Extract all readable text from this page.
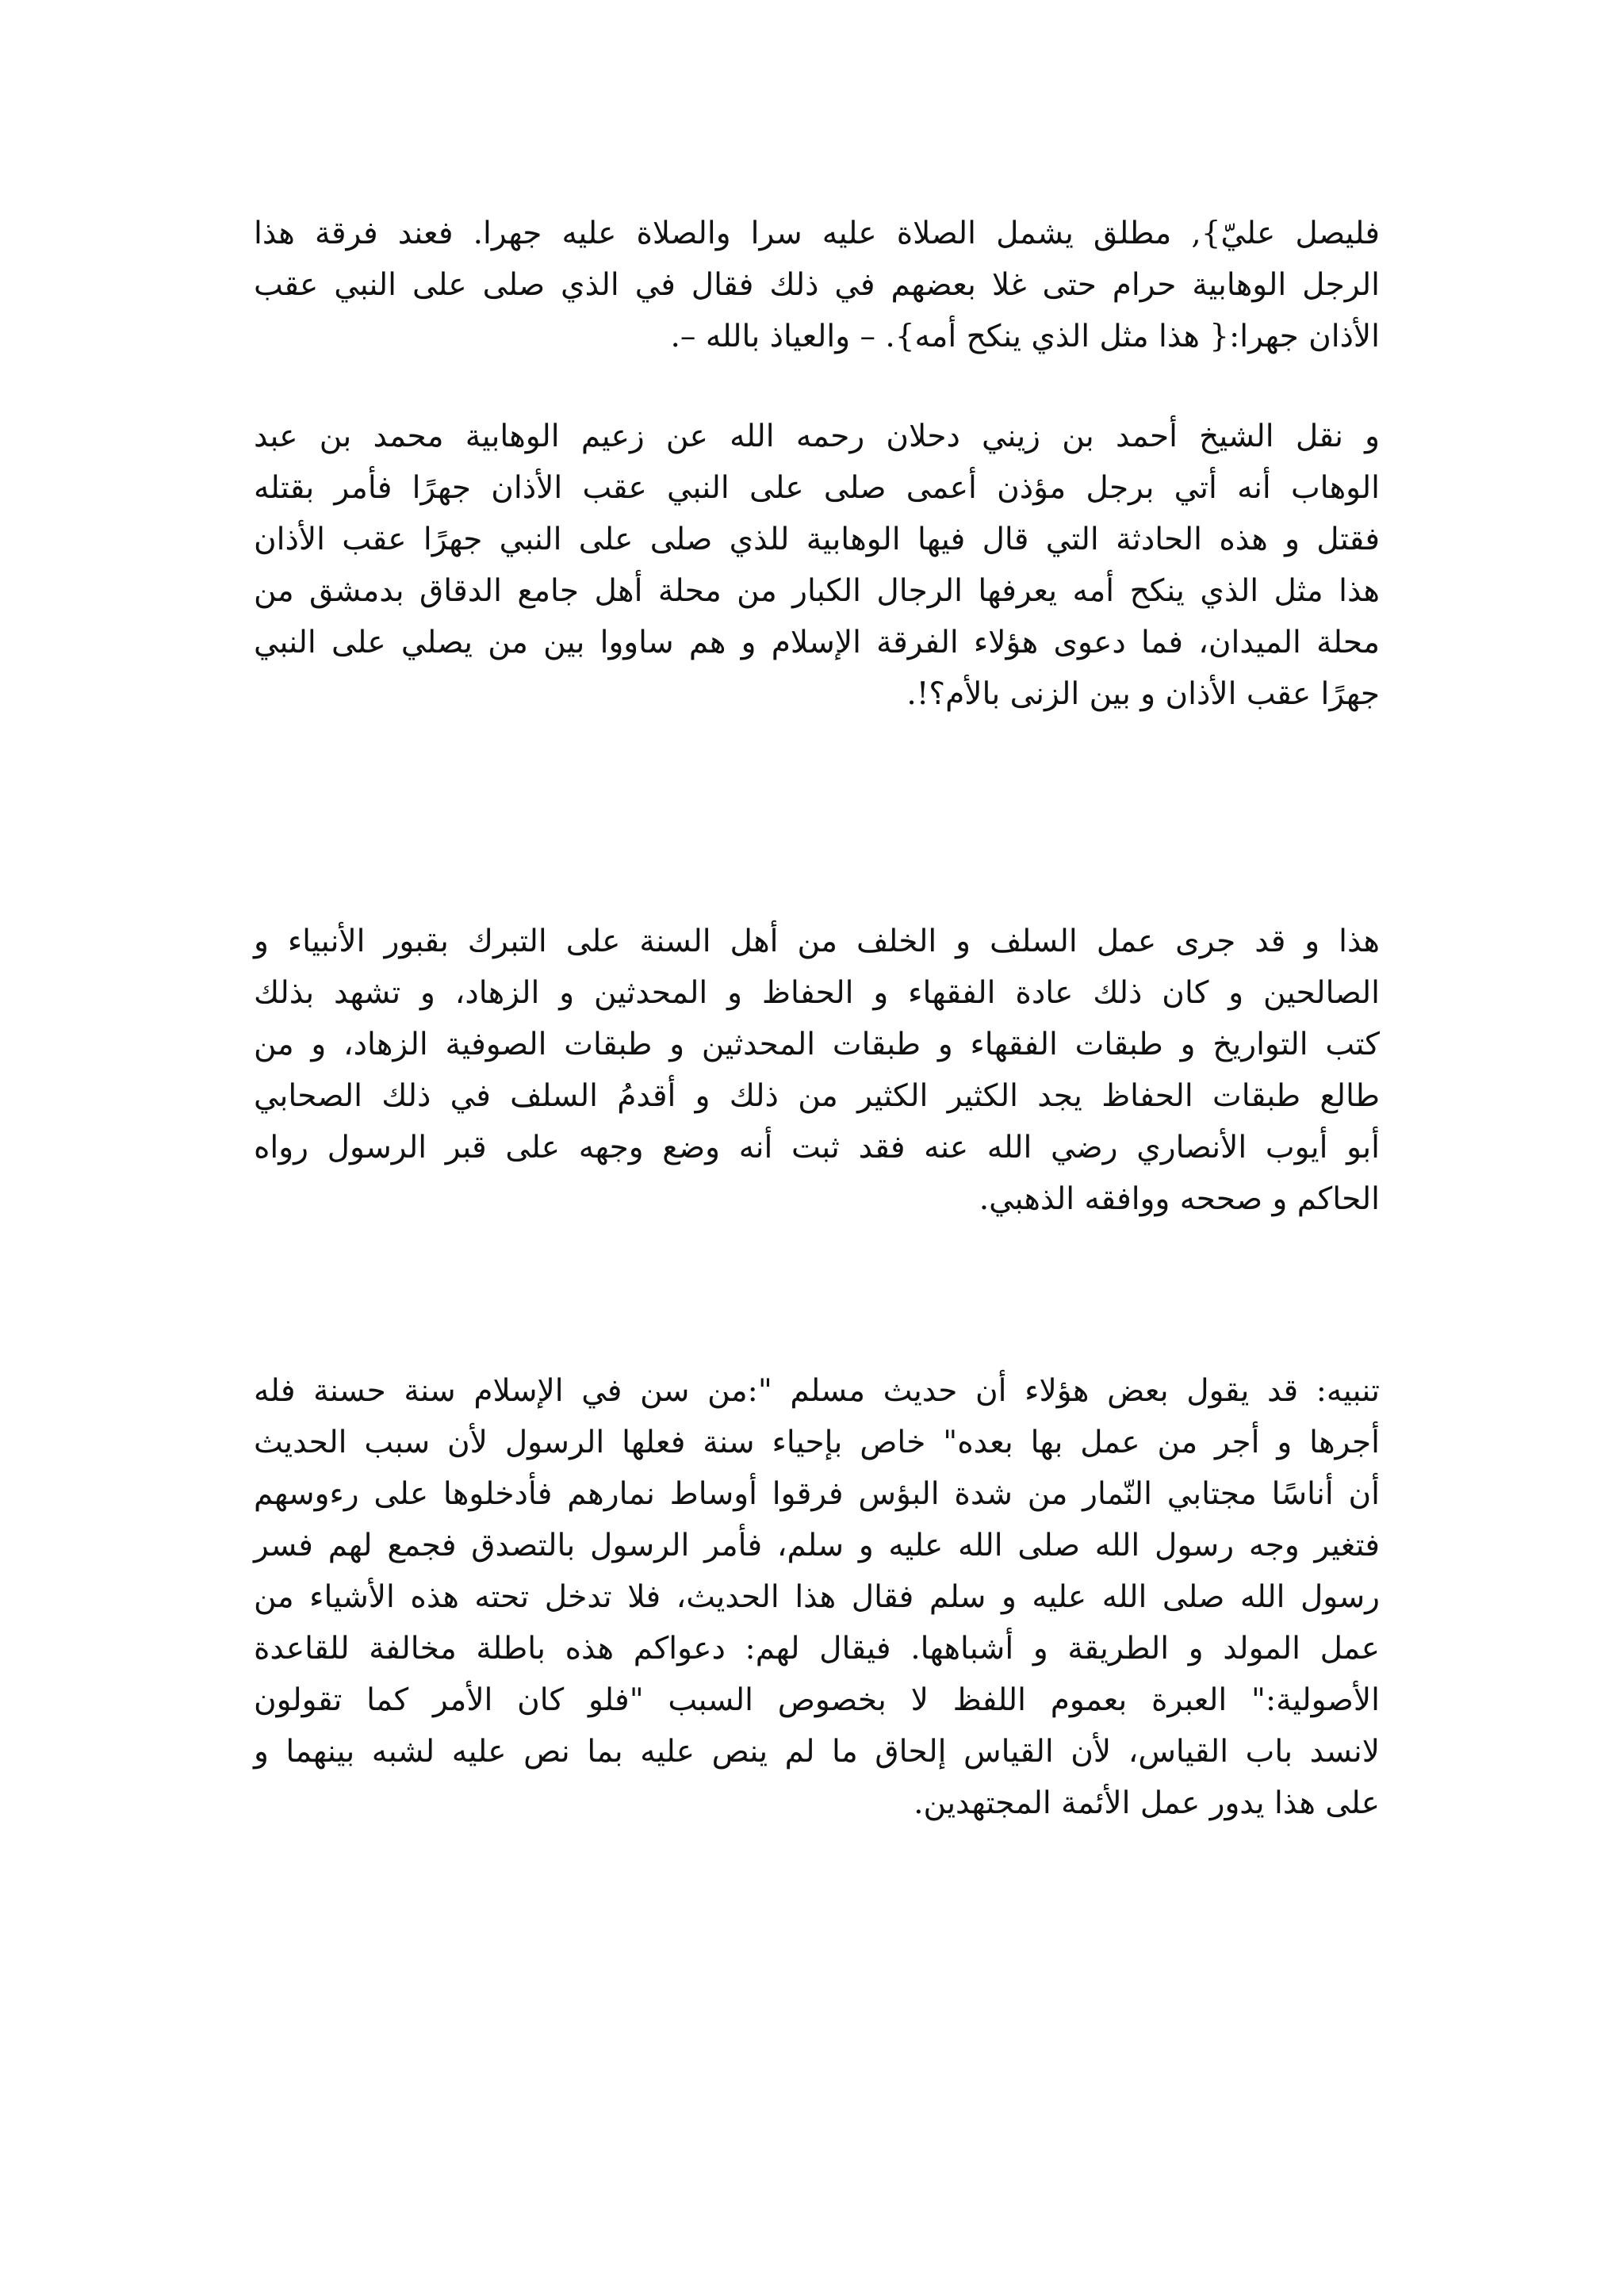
فليصل عليّ}, مطلق يشمل الصلاة عليه سرا والصلاة عليه جهرا. فعند فرقة هذا
الرجل الوهابية حرام حتى غلا بعضهم في ذلك فقال في الذي صلى على النبي عقب
الأذان جهرا:{ هذا مثل الذي ينكح أمه}. – والعياذ بالله –.
و نقل الشيخ أحمد بن زيني دحلان رحمه الله عن زعيم الوهابية محمد بن عبد
الوهاب أنه أتي برجل مؤذن أعمى صلى على النبي عقب الأذان جهرًا فأمر بقتله
فقتل و هذه الحادثة التي قال فيها الوهابية للذي صلى على النبي جهرًا عقب الأذان
هذا مثل الذي ينكح أمه يعرفها الرجال الكبار من محلة أهل جامع الدقاق بدمشق من
محلة الميدان، فما دعوى هؤلاء الفرقة الإسلام و هم ساووا بين من يصلي على النبي
جهرًا عقب الأذان و بين الزنى بالأم؟!.
هذا و قد جرى عمل السلف و الخلف من أهل السنة على التبرك بقبور الأنبياء و
الصالحين و كان ذلك عادة الفقهاء و الحفاظ و المحدثين و الزهاد، و تشهد بذلك
كتب التواريخ و طبقات الفقهاء و طبقات المحدثين و طبقات الصوفية الزهاد، و من
طالع طبقات الحفاظ يجد الكثير الكثير من ذلك و أقدمُ السلف في ذلك الصحابي
أبو أيوب الأنصاري رضي الله عنه فقد ثبت أنه وضع وجهه على قبر الرسول رواه
الحاكم و صححه ووافقه الذهبي.
تنبيه: قد يقول بعض هؤلاء أن حديث مسلم ":من سن في الإسلام سنة حسنة فله
أجرها و أجر من عمل بها بعده" خاص بإحياء سنة فعلها الرسول لأن سبب الحديث
أن أناسًا مجتابي النّمار من شدة البؤس فرقوا أوساط نمارهم فأدخلوها على رءوسهم
فتغير وجه رسول الله صلى الله عليه و سلم، فأمر الرسول بالتصدق فجمع لهم فسر
رسول الله صلى الله عليه و سلم فقال هذا الحديث، فلا تدخل تحته هذه الأشياء من
عمل المولد و الطريقة و أشباهها. فيقال لهم: دعواكم هذه باطلة مخالفة للقاعدة
الأصولية:" العبرة بعموم اللفظ لا بخصوص السبب "فلو كان الأمر كما تقولون
لانسد باب القياس، لأن القياس إلحاق ما لم ينص عليه بما نص عليه لشبه بينهما و
على هذا يدور عمل الأئمة المجتهدين.
